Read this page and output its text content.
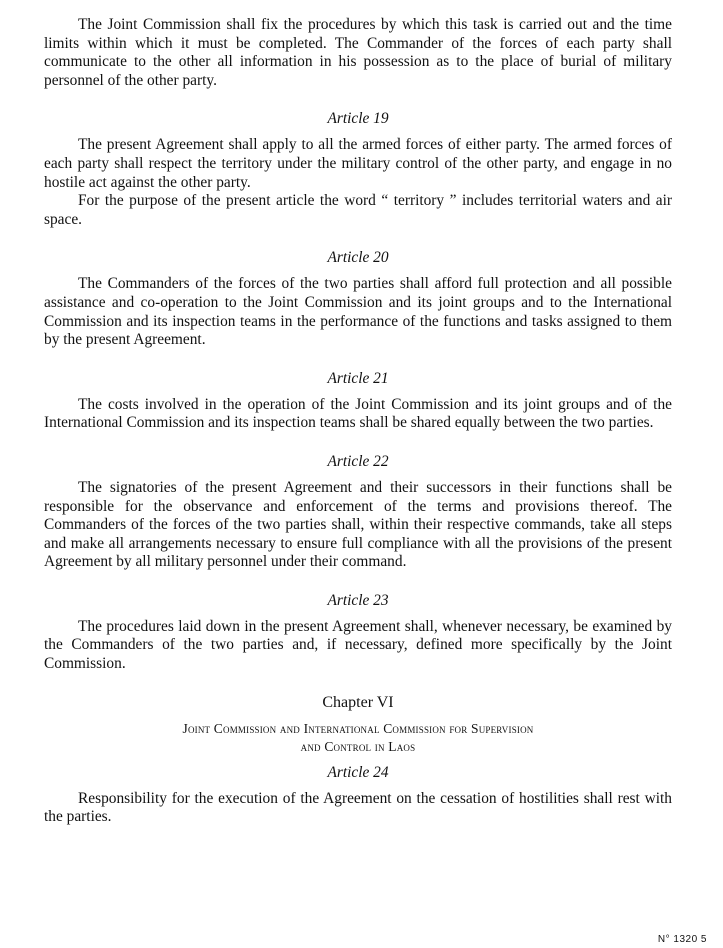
The Joint Commission shall fix the procedures by which this task is carried out and the time limits within which it must be completed. The Commander of the forces of each party shall communicate to the other all information in his possession as to the place of burial of military personnel of the other party.

Article 19

The present Agreement shall apply to all the armed forces of either party. The armed forces of each party shall respect the territory under the military control of the other party, and engage in no hostile act against the other party.

For the purpose of the present article the word “ territory ” includes territorial waters and air space.

Article 20

The Commanders of the forces of the two parties shall afford full protection and all possible assistance and co-operation to the Joint Commission and its joint groups and to the International Commission and its inspection teams in the performance of the functions and tasks assigned to them by the present Agreement.

Article 21

The costs involved in the operation of the Joint Commission and its joint groups and of the International Commission and its inspection teams shall be shared equally between the two parties.

Article 22

The signatories of the present Agreement and their successors in their functions shall be responsible for the observance and enforcement of the terms and provisions thereof. The Commanders of the forces of the two parties shall, within their respective commands, take all steps and make all arrangements necessary to ensure full compliance with all the provisions of the present Agreement by all military personnel under their command.

Article 23

The procedures laid down in the present Agreement shall, whenever necessary, be examined by the Commanders of the two parties and, if necessary, defined more specifically by the Joint Commission.

Chapter VI

Joint Commission and International Commission for Supervision

and Control in Laos

Article 24

Responsibility for the execution of the Agreement on the cessation of hostilities shall rest with the parties.

N° 1320 5
